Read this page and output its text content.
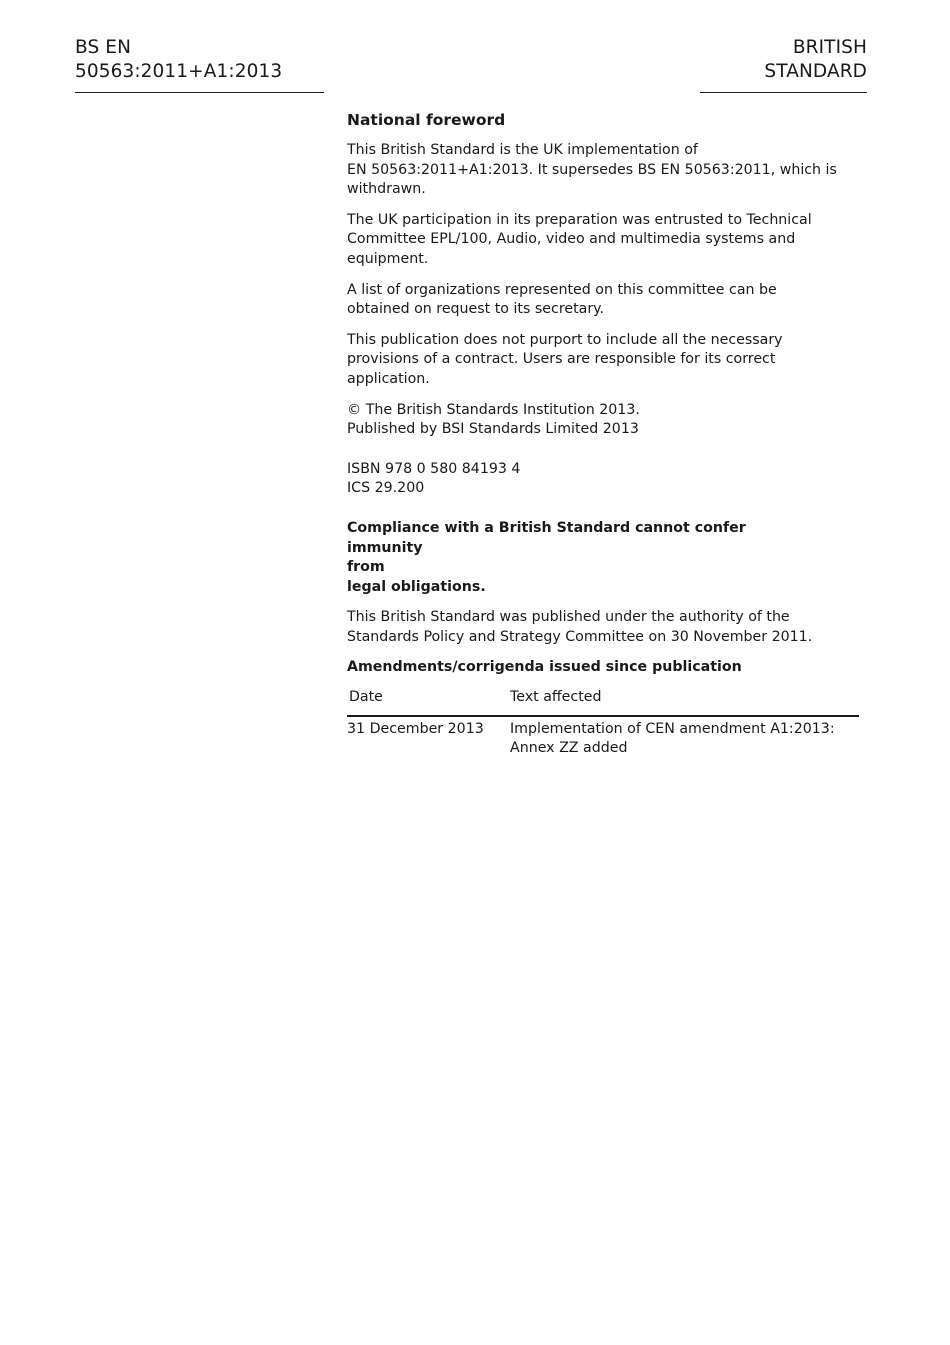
BS EN 50563:2011+A1:2013
BRITISH STANDARD

National foreword

This British Standard is the UK implementation of
EN 50563:2011+A1:2013. It supersedes BS EN 50563:2011, which is
withdrawn.

The UK participation in its preparation was entrusted to Technical
Committee EPL/100, Audio, video and multimedia systems and equipment.

A list of organizations represented on this committee can be
obtained on request to its secretary.

This publication does not purport to include all the necessary
provisions of a contract. Users are responsible for its correct
application.

© The British Standards Institution 2013.
Published by BSI Standards Limited 2013

ISBN 978 0 580 84193 4
ICS 29.200

Compliance with a British Standard cannot confer immunity
from
legal obligations.

This British Standard was published under the authority of the
Standards Policy and Strategy Committee on 30 November 2011.

Amendments/corrigenda issued since publication

Date	Text affected
31 December 2013	Implementation of CEN amendment A1:2013:
Annex ZZ added
